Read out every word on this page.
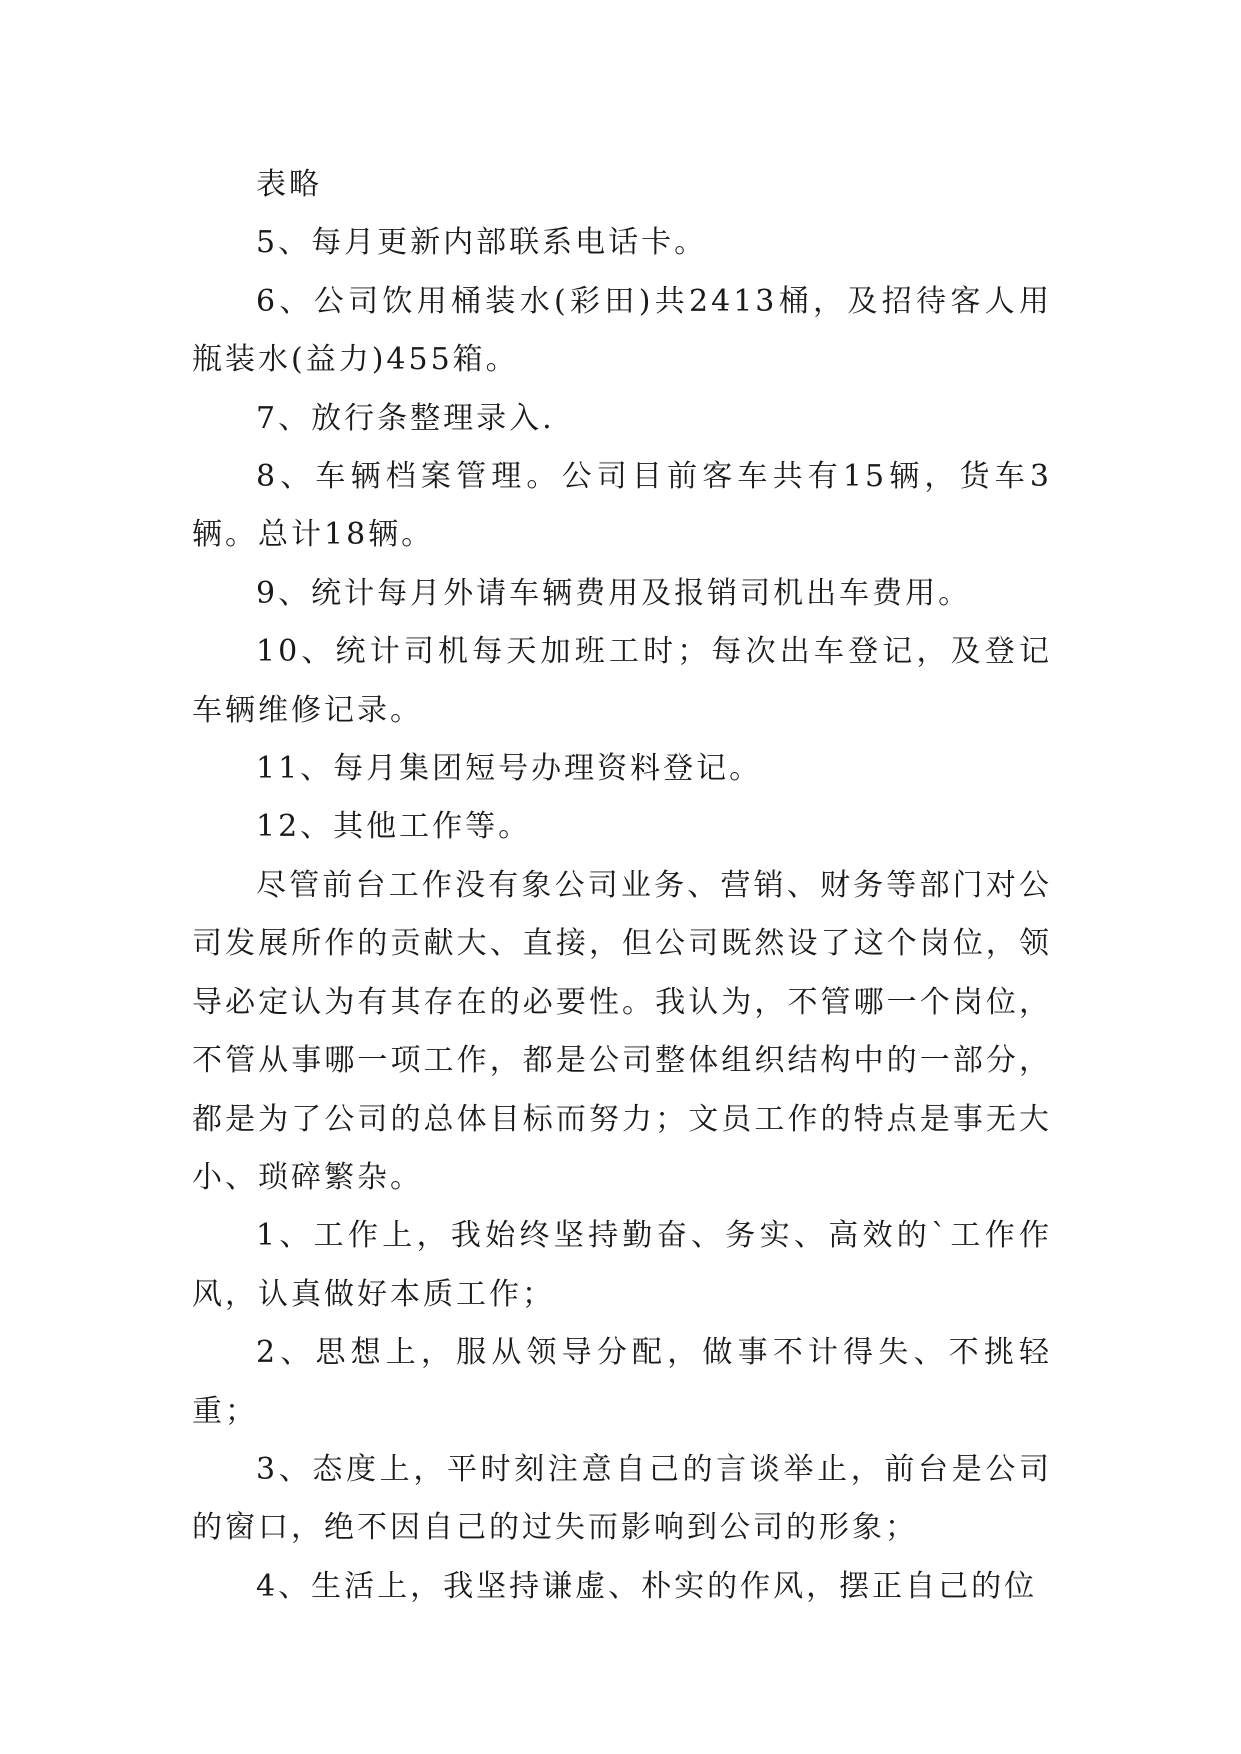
表略

5、每月更新内部联系电话卡。

6、公司饮用桶装水(彩田)共2413桶，及招待客人用瓶装水(益力)455箱。

7、放行条整理录入.

8、车辆档案管理。公司目前客车共有15辆，货车3辆。总计18辆。

9、统计每月外请车辆费用及报销司机出车费用。

10、统计司机每天加班工时；每次出车登记，及登记车辆维修记录。

11、每月集团短号办理资料登记。

12、其他工作等。

尽管前台工作没有象公司业务、营销、财务等部门对公司发展所作的贡献大、直接，但公司既然设了这个岗位，领导必定认为有其存在的必要性。我认为，不管哪一个岗位，不管从事哪一项工作，都是公司整体组织结构中的一部分，都是为了公司的总体目标而努力；文员工作的特点是事无大小、琐碎繁杂。

1、工作上，我始终坚持勤奋、务实、高效的`工作作风，认真做好本质工作；

2、思想上，服从领导分配，做事不计得失、不挑轻重；

3、态度上，平时刻注意自己的言谈举止，前台是公司的窗口，绝不因自己的过失而影响到公司的形象；

4、生活上，我坚持谦虚、朴实的作风，摆正自己的位
